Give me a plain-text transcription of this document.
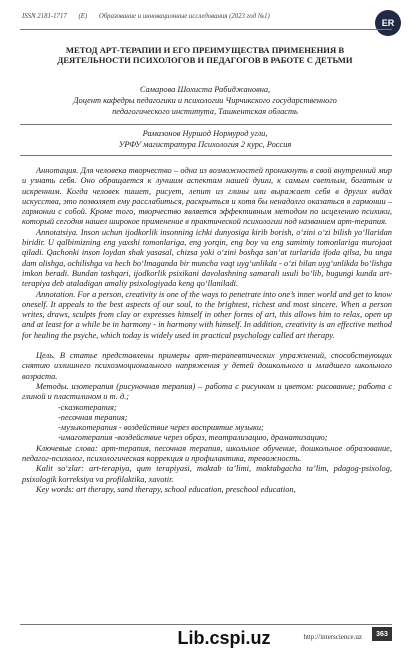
ISSN 2181-1717 (E) Образование и инновационные исследования (2023 год №1)
ER
МЕТОД АРТ-ТЕРАПИИ И ЕГО ПРЕИМУЩЕСТВА ПРИМЕНЕНИЯ В ДЕЯТЕЛЬНОСТИ ПСИХОЛОГОВ И ПЕДАГОГОВ В РАБОТЕ С ДЕТЬМИ
Самарова Шохиста Рабиджановна,
Доцент кафедры педагогики и психологии Чирчикского государственного
педагогического института, Ташкентская область
Рамазонов Нуршод Нормурод угли,
УРФУ магистратура Психология 2 курс, Россия

Аннотация. Для человека творчество – одна из возможностей проникнуть в свой внутренний мир и узнать себя. Оно обращается к лучшим аспектам нашей души, к самым светлым, богатым и искренним. Когда человек пишет, рисует, лепит из глины или выражает себя в других видах искусства, это позволяет ему расслабиться, раскрыться и хотя бы ненадолго оказаться в гармонии – гармонии с собой. Кроме того, творчество является эффективным методом по исцелению психики, который сегодня нашел широкое применение в практической психологии под названием арт-терапия.

Annotatsiya. Inson uchun ijodkorlik insonning ichki dunyosiga kirib borish, o‘zini o‘zi bilish yo‘llaridan biridir. U qalbimizning eng yaxshi tomonlariga, eng yorqin, eng boy va eng samimiy tomonlariga murojaat qiladi. Qachonki inson loydan shak yasasal, chizsa yoki o‘zini boshqa san’at turlarida ifoda qilsa, bu unga dam olishga, ochilishga va hech bo‘lmaganda bir muncha vaqt uyg‘unlikda - o‘zi bilan uyg‘unlikda bo‘lishga imkon beradi. Bundan tashqari, ijodkorlik psixikani davolashning samarali usuli bo‘lib, bugungi kunda art-terapiya deb ataladigan amaliy psixologiyada keng qo‘llaniladi.

Annotation. For a person, creativity is one of the ways to penetrate into one’s inner world and get to know oneself. It appeals to the best aspects of our soul, to the brightest, richest and most sincere. When a person writes, draws, sculpts from clay or expresses himself in other forms of art, this allows him to relax, open up and at least for a while be in harmony - in harmony with himself. In addition, creativity is an effective method for healing the psyche, which today is widely used in practical psychology called art therapy.

Цель. В статье представлены примеры арт-терапевтических упражнений, способствующих снятию излишнего психоэмоционального напряжения у детей дошкольного и младшего школьного возраста.

Методы. изотерапия (рисуночная терапия) – работа с рисунком и цветом: рисование; работа с глиной и пластилином и т. д.;

-сказкотерапия;

-песочная терапия;

-музыкотерапия - воздействие через восприятие музыки;

-имаготерапия -воздействие через образ, театрализацию, драматизацию;

Ключевые слова: арт-терапия, песочная терапия, школьное обучение, дошкольное образование, педагог-психолог, психологическая коррекция и профилактика, тревожность.

Kalit so‘zlar: art-terapiya, qum terapiyasi, maktab ta’limi, maktabgacha ta’lim, pdagog-psixolog, psixologik korreksiya va profilaktika, xavotir.

Key words: art therapy, sand therapy, school education, preschool education,

Lib.cspi.uz	http://interscience.uz	363
